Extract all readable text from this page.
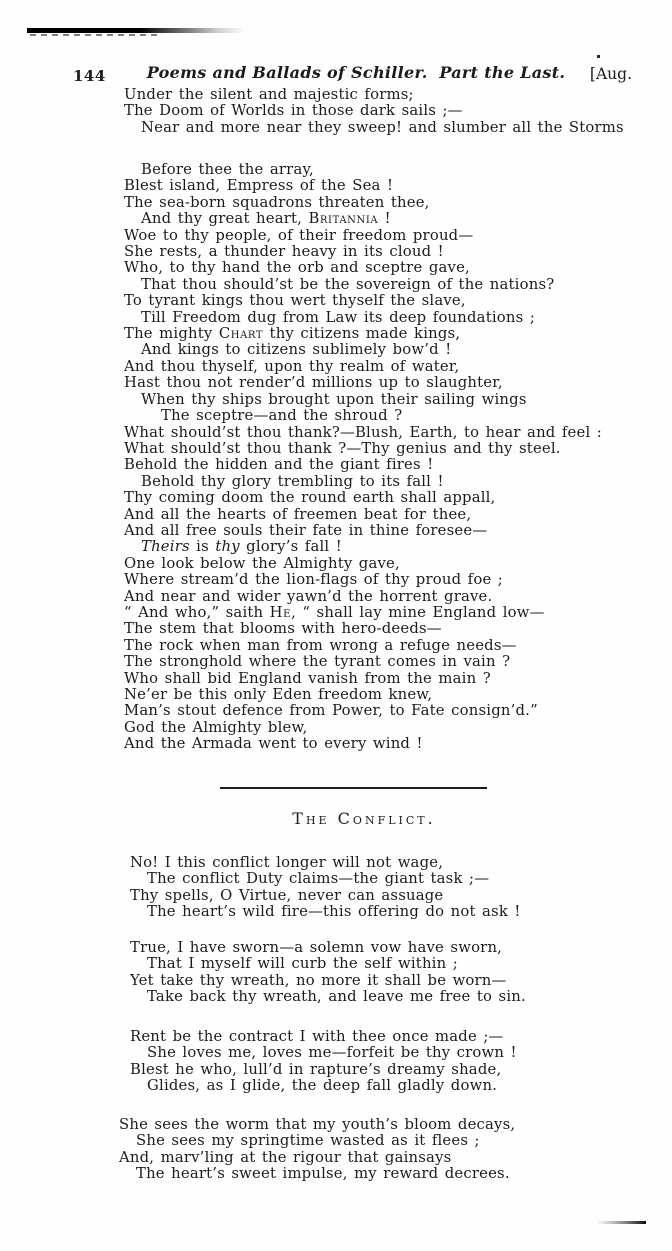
144	Poems and Ballads of Schiller.  Part the Last.	[Aug.
Under the silent and majestic forms;
The Doom of Worlds in those dark sails ;—
Near and more near they sweep! and slumber all the Storms
Before thee the array,
Blest island, Empress of the Sea !
The sea-born squadrons threaten thee,
And thy great heart, Britannia !
Woe to thy people, of their freedom proud—
She rests, a thunder heavy in its cloud !
Who, to thy hand the orb and sceptre gave,
That thou should’st be the sovereign of the nations?
To tyrant kings thou wert thyself the slave,
Till Freedom dug from Law its deep foundations ;
The mighty Chart thy citizens made kings,
And kings to citizens sublimely bow’d !
And thou thyself, upon thy realm of water,
Hast thou not render’d millions up to slaughter,
When thy ships brought upon their sailing wings
The sceptre—and the shroud ?
What should’st thou thank?—Blush, Earth, to hear and feel :
What should’st thou thank ?—Thy genius and thy steel.
Behold the hidden and the giant fires !
Behold thy glory trembling to its fall !
Thy coming doom the round earth shall appall,
And all the hearts of freemen beat for thee,
And all free souls their fate in thine foresee—
Theirs is thy glory’s fall !
One look below the Almighty gave,
Where stream’d the lion-flags of thy proud foe ;
And near and wider yawn’d the horrent grave.
“ And who,” saith He, “ shall lay mine England low—
The stem that blooms with hero-deeds—
The rock when man from wrong a refuge needs—
The stronghold where the tyrant comes in vain ?
Who shall bid England vanish from the main ?
Ne’er be this only Eden freedom knew,
Man’s stout defence from Power, to Fate consign’d.”
God the Almighty blew,
And the Armada went to every wind !
The Conflict.
No! I this conflict longer will not wage,
The conflict Duty claims—the giant task ;—
Thy spells, O Virtue, never can assuage
The heart’s wild fire—this offering do not ask !
True, I have sworn—a solemn vow have sworn,
That I myself will curb the self within ;
Yet take thy wreath, no more it shall be worn—
Take back thy wreath, and leave me free to sin.
Rent be the contract I with thee once made ;—
She loves me, loves me—forfeit be thy crown !
Blest he who, lull’d in rapture’s dreamy shade,
Glides, as I glide, the deep fall gladly down.
She sees the worm that my youth’s bloom decays,
She sees my springtime wasted as it flees ;
And, marv’ling at the rigour that gainsays
The heart’s sweet impulse, my reward decrees.
